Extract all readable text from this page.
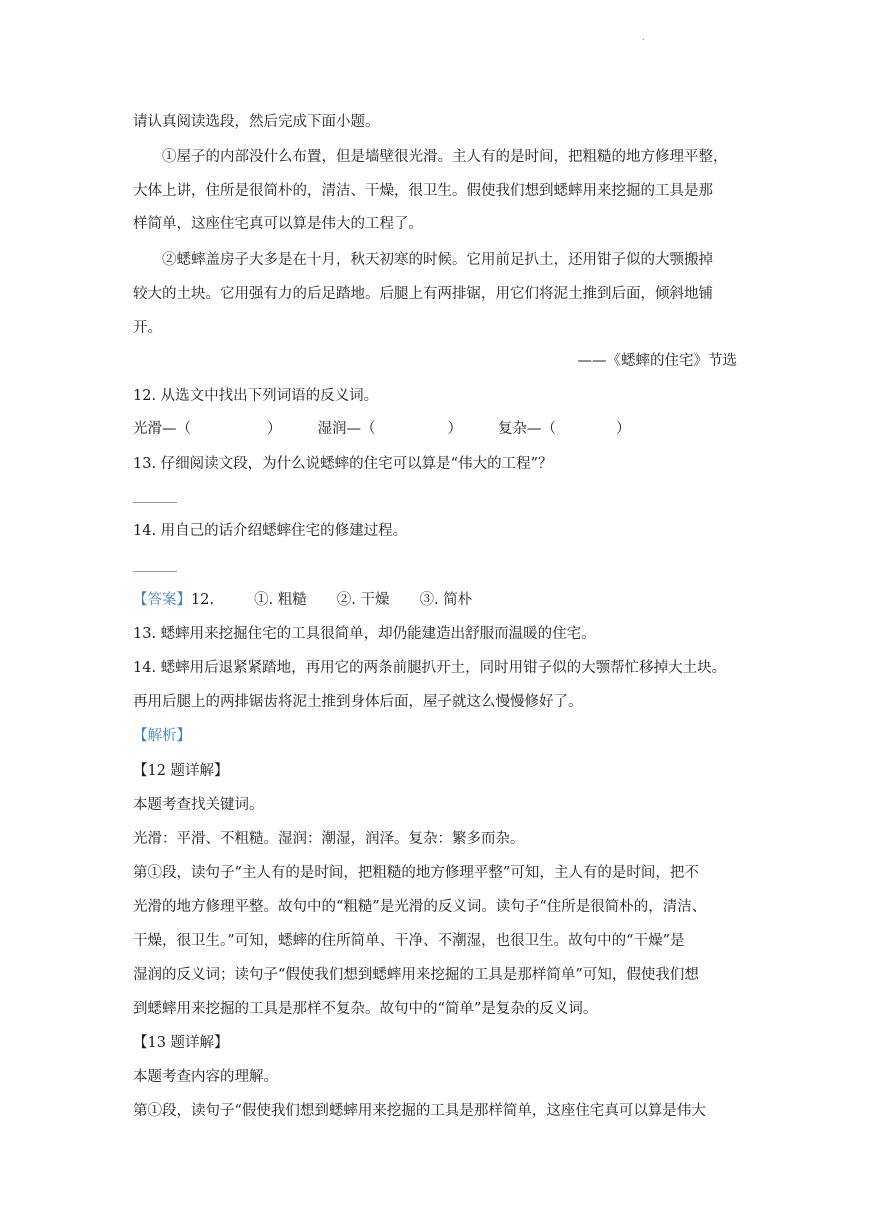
.
请认真阅读选段，然后完成下面小题。
①屋子的内部没什么布置，但是墙壁很光滑。主人有的是时间，把粗糙的地方修理平整，
大体上讲，住所是很简朴的，清洁、干燥，很卫生。假使我们想到蟋蟀用来挖掘的工具是那
样简单，这座住宅真可以算是伟大的工程了。
②蟋蟀盖房子大多是在十月，秋天初寒的时候。它用前足扒土，还用钳子似的大颚搬掉
较大的土块。它用强有力的后足踏地。后腿上有两排锯，用它们将泥土推到后面，倾斜地铺
开。
——《蟋蟀的住宅》节选
12. 从选文中找出下列词语的反义词。
光滑—（	） 湿润—（	） 复杂—（	）
13. 仔细阅读文段，为什么说蟋蟀的住宅可以算是“伟大的工程”？
14. 用自己的话介绍蟋蟀住宅的修建过程。
【答案】12.	①. 粗糙 ②. 干燥 ③. 简朴
13. 蟋蟀用来挖掘住宅的工具很简单，却仍能建造出舒服而温暖的住宅。
14. 蟋蟀用后退紧紧踏地，再用它的两条前腿扒开土，同时用钳子似的大颚帮忙移掉大土块。
再用后腿上的两排锯齿将泥土推到身体后面，屋子就这么慢慢修好了。
【解析】
【12 题详解】
本题考查找关键词。
光滑：平滑、不粗糙。湿润：潮湿，润泽。复杂：繁多而杂。
第①段，读句子“主人有的是时间，把粗糙的地方修理平整”可知，主人有的是时间，把不
光滑的地方修理平整。故句中的“粗糙”是光滑的反义词。读句子“住所是很简朴的，清洁、
干燥，很卫生。”可知，蟋蟀的住所简单、干净、不潮湿，也很卫生。故句中的“干燥”是
湿润的反义词；读句子“假使我们想到蟋蟀用来挖掘的工具是那样简单”可知，假使我们想
到蟋蟀用来挖掘的工具是那样不复杂。故句中的“简单”是复杂的反义词。
【13 题详解】
本题考查内容的理解。
第①段，读句子“假使我们想到蟋蟀用来挖掘的工具是那样简单，这座住宅真可以算是伟大
